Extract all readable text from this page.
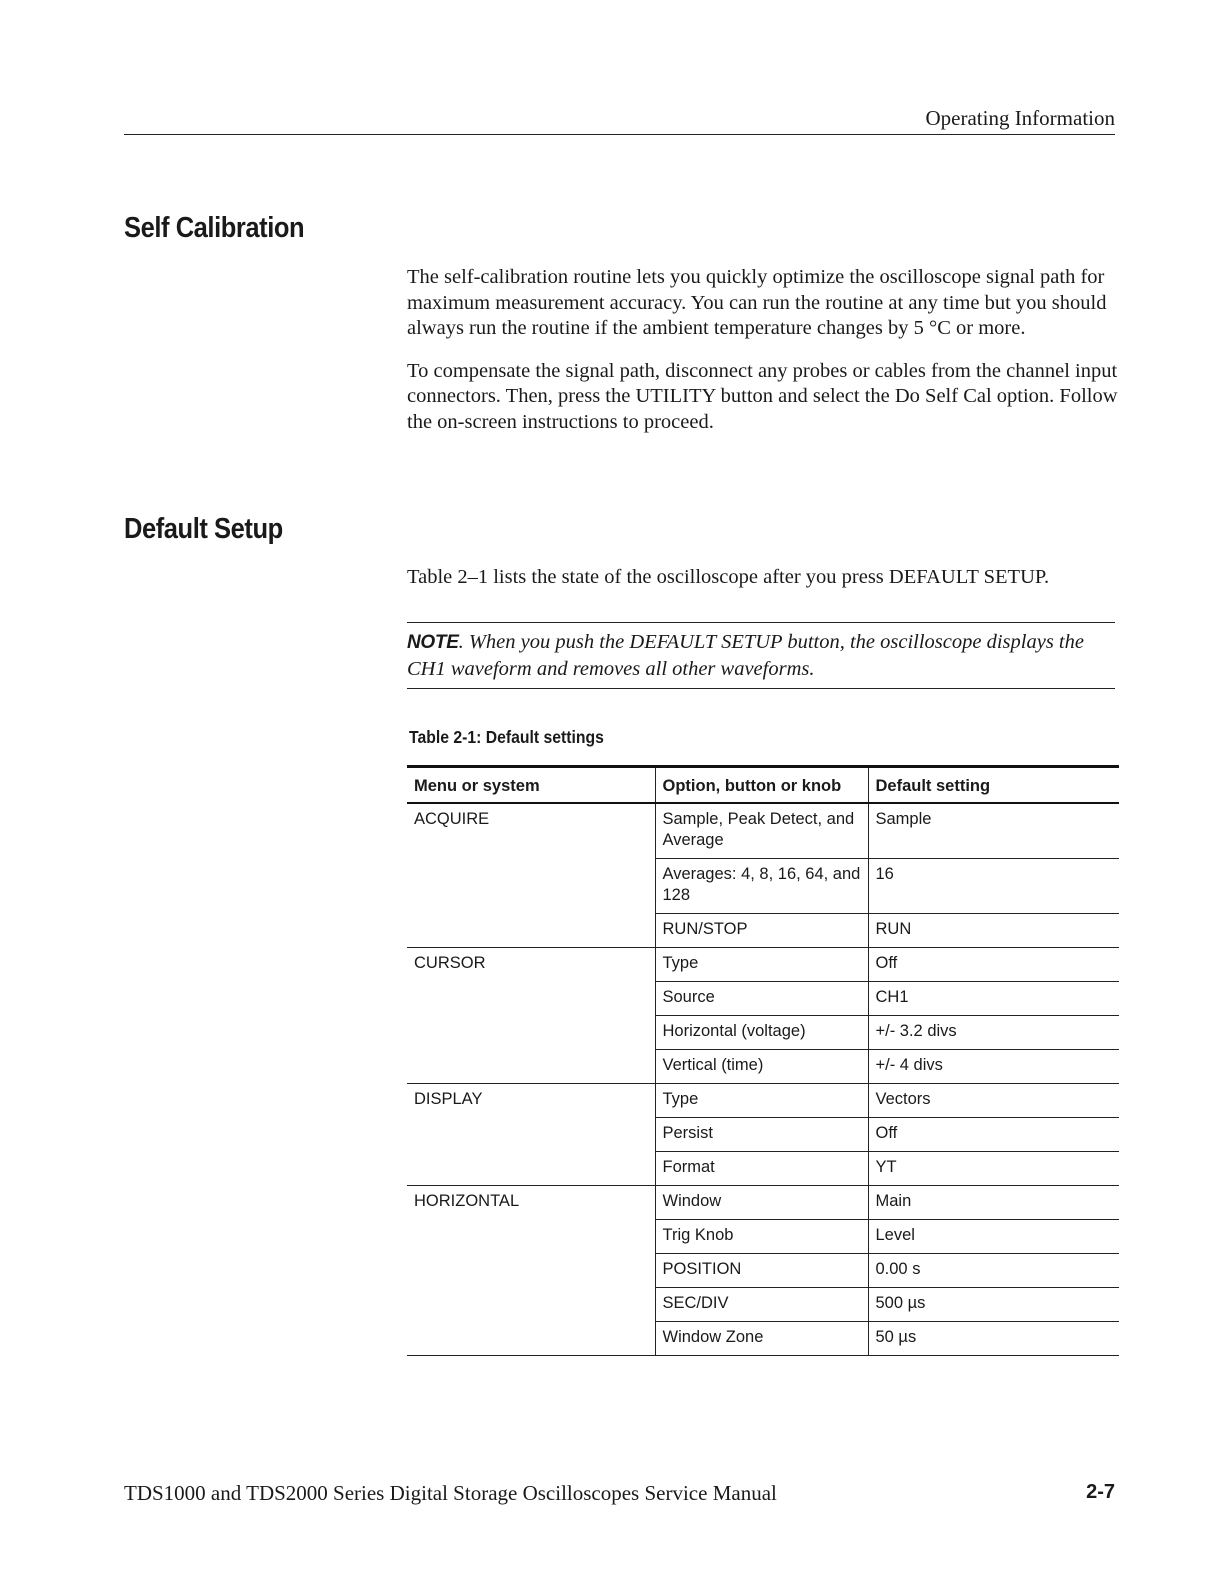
Operating Information
Self Calibration

The self-calibration routine lets you quickly optimize the oscilloscope signal path for maximum measurement accuracy. You can run the routine at any time but you should always run the routine if the ambient temperature changes by 5 °C or more.

To compensate the signal path, disconnect any probes or cables from the channel input connectors. Then, press the UTILITY button and select the Do Self Cal option. Follow the on-screen instructions to proceed.

Default Setup

Table 2–1 lists the state of the oscilloscope after you press DEFAULT SETUP.

NOTE. When you push the DEFAULT SETUP button, the oscilloscope displays the CH1 waveform and removes all other waveforms.

Table 2-1: Default settings

Menu or system	Option, button or knob	Default setting
ACQUIRE	Sample, Peak Detect, and Average	Sample
	Averages: 4, 8, 16, 64, and 128	16
	RUN/STOP	RUN
CURSOR	Type	Off
	Source	CH1
	Horizontal (voltage)	+/- 3.2 divs
	Vertical (time)	+/- 4 divs
DISPLAY	Type	Vectors
	Persist	Off
	Format	YT
HORIZONTAL	Window	Main
	Trig Knob	Level
	POSITION	0.00 s
	SEC/DIV	500 µs
	Window Zone	50 µs
TDS1000 and TDS2000 Series Digital Storage Oscilloscopes Service Manual	2-7
